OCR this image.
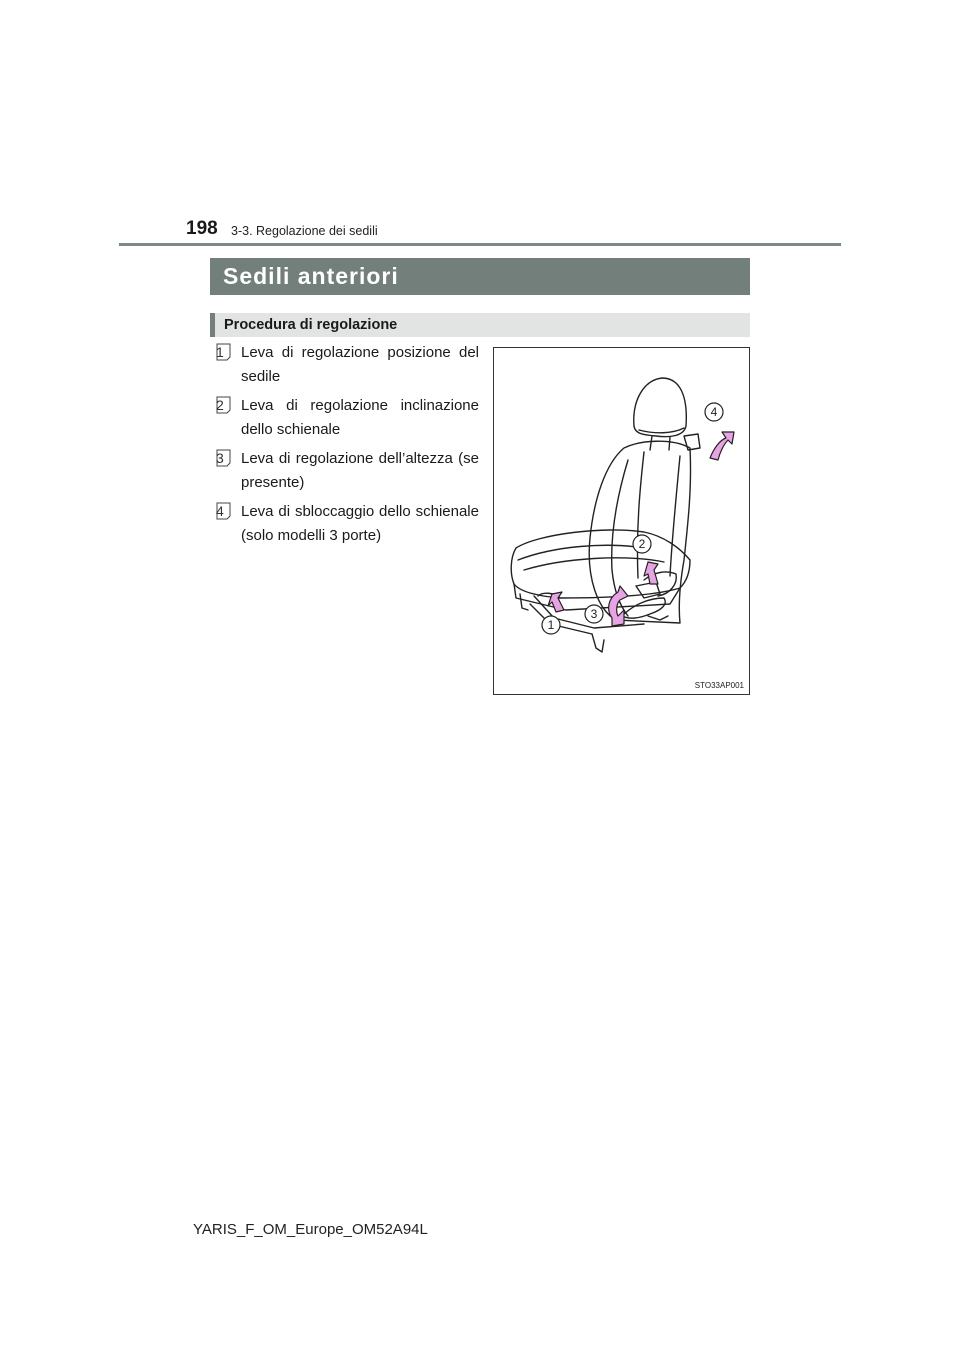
198 3-3. Regolazione dei sedili
Sedili anteriori
Procedura di regolazione
1	Leva di regolazione posizione del sedile
2	Leva di regolazione inclinazione dello schienale
3	Leva di regolazione dell’altezza (se presente)
4	Leva di sbloccaggio dello schienale (solo modelli 3 porte)
1
2
3
4
STO33AP001
YARIS_F_OM_Europe_OM52A94L
